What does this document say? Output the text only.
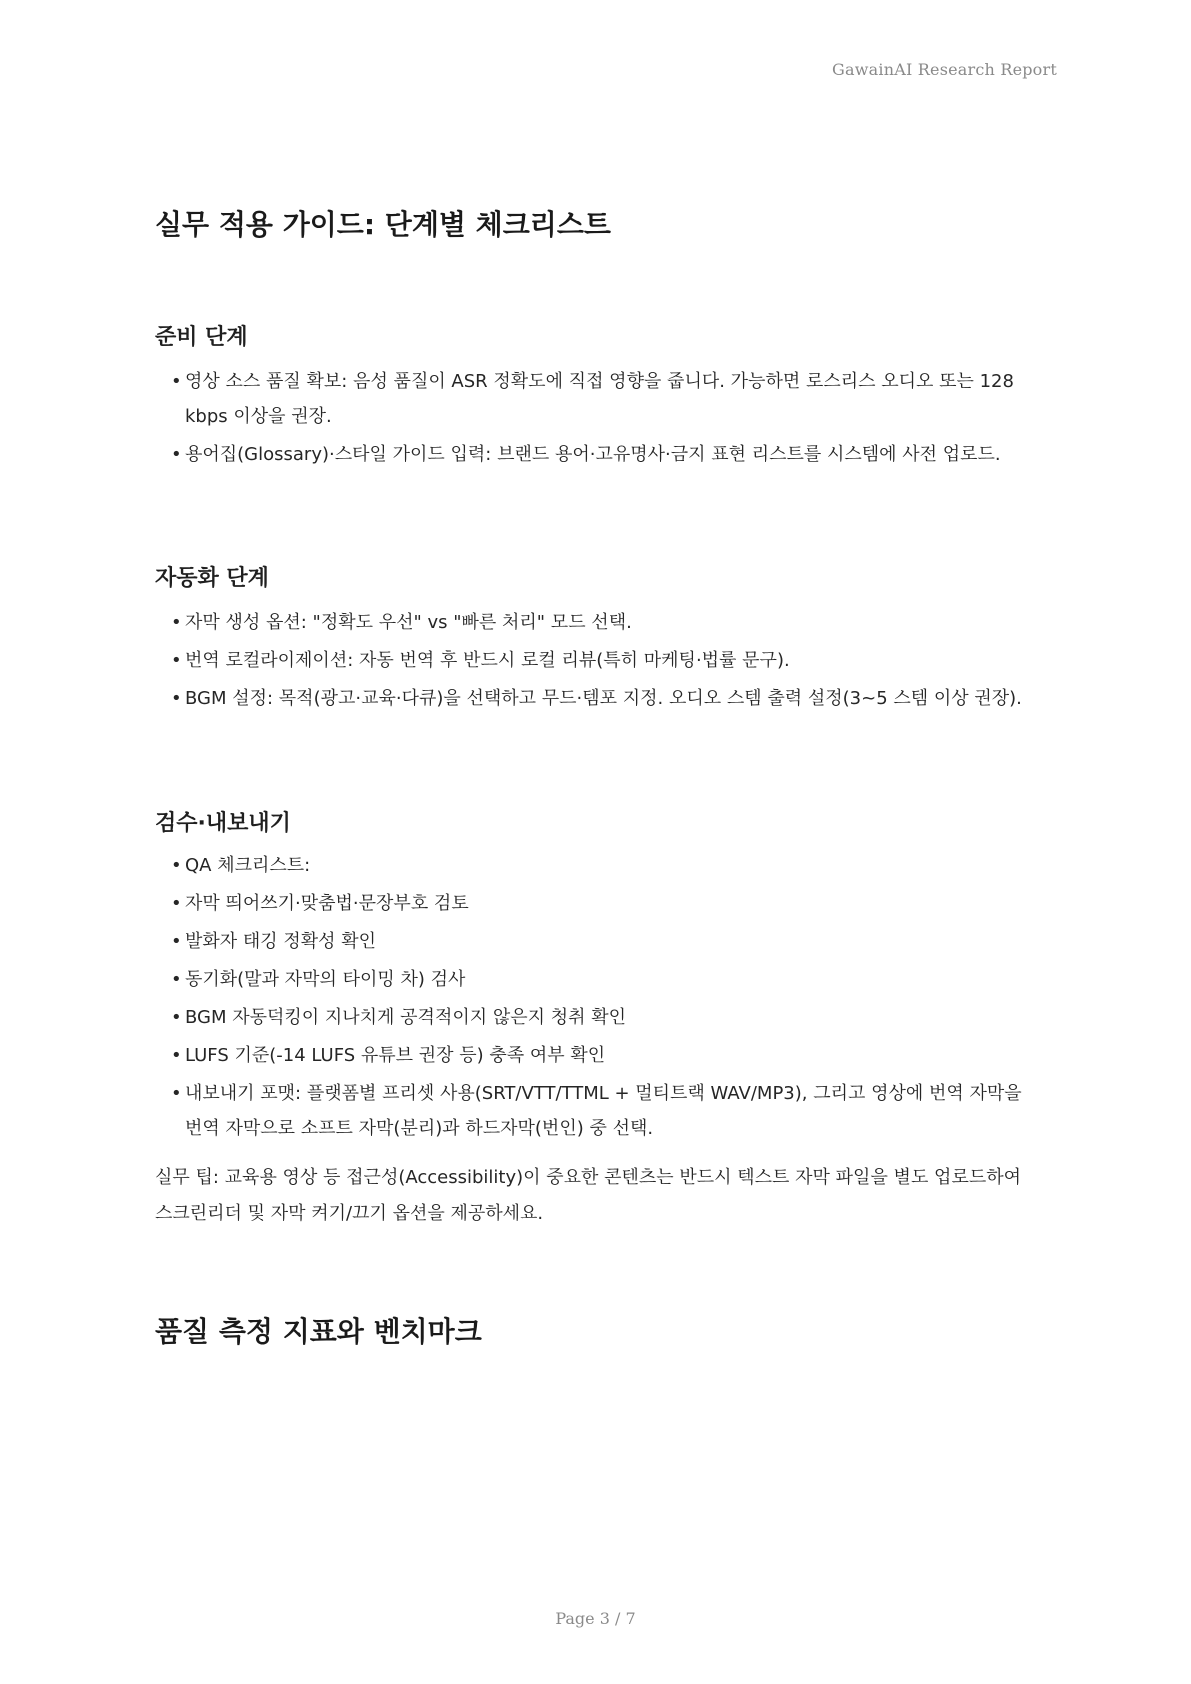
GawainAI Research Report
실무 적용 가이드: 단계별 체크리스트
준비 단계
• 영상 소스 품질 확보: 음성 품질이 ASR 정확도에 직접 영향을 줍니다. 가능하면 로스리스 오디오 또는 128 kbps 이상을 권장.
• 용어집(Glossary)·스타일 가이드 입력: 브랜드 용어·고유명사·금지 표현 리스트를 시스템에 사전 업로드.
자동화 단계
• 자막 생성 옵션: "정확도 우선" vs "빠른 처리" 모드 선택.
• 번역 로컬라이제이션: 자동 번역 후 반드시 로컬 리뷰(특히 마케팅·법률 문구).
• BGM 설정: 목적(광고·교육·다큐)을 선택하고 무드·템포 지정. 오디오 스템 출력 설정(3~5 스템 이상 권장).
검수·내보내기
• QA 체크리스트:
• 자막 띄어쓰기·맞춤법·문장부호 검토
• 발화자 태깅 정확성 확인
• 동기화(말과 자막의 타이밍 차) 검사
• BGM 자동덕킹이 지나치게 공격적이지 않은지 청취 확인
• LUFS 기준(-14 LUFS 유튜브 권장 등) 충족 여부 확인
• 내보내기 포맷: 플랫폼별 프리셋 사용(SRT/VTT/TTML + 멀티트랙 WAV/MP3), 그리고 영상에 번역 자막을 번역 자막으로 소프트 자막(분리)과 하드자막(번인) 중 선택.

실무 팁: 교육용 영상 등 접근성(Accessibility)이 중요한 콘텐츠는 반드시 텍스트 자막 파일을 별도 업로드하여 스크린리더 및 자막 켜기/끄기 옵션을 제공하세요.

품질 측정 지표와 벤치마크
Page 3 / 7
